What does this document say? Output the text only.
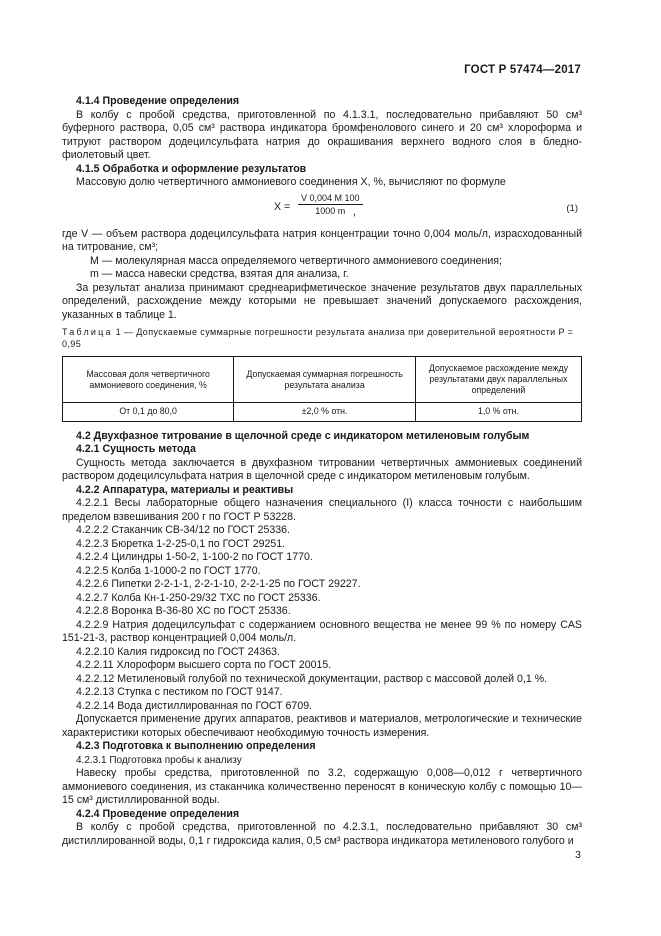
ГОСТ Р 57474—2017

4.1.4 Проведение определения

В колбу с пробой средства, приготовленной по 4.1.3.1, последовательно прибавляют 50 см³ буферного раствора, 0,05 см³ раствора индикатора бромфенолового синего и 20 см³ хлороформа и титруют раствором додецилсульфата натрия до окрашивания верхнего водного слоя в бледно-фиолетовый цвет.

4.1.5 Обработка и оформление результатов

Массовую долю четвертичного аммониевого соединения X, %, вычисляют по формуле

$X = \frac{V 0,004 M 100}{1000 m}$
,	(1)

где V — объем раствора додецилсульфата натрия концентрации точно 0,004 моль/л, израсходованный на титрование, см³;

M — молекулярная масса определяемого четвертичного аммониевого соединения;

m — масса навески средства, взятая для анализа, г.

За результат анализа принимают среднеарифметическое значение результатов двух параллельных определений, расхождение между которыми не превышает значений допускаемого расхождения, указанных в таблице 1.

Таблица 1 — Допускаемые суммарные погрешности результата анализа при доверительной вероятности P = 0,95

Массовая доля четвертичного аммониевого соединения, %	Допускаемая суммарная погрешность результата анализа	Допускаемое расхождение между результатами двух параллельных определений
От 0,1 до 80,0	±2,0 % отн.	1,0 % отн.

4.2 Двухфазное титрование в щелочной среде с индикатором метиленовым голубым

4.2.1 Сущность метода

Сущность метода заключается в двухфазном титровании четвертичных аммониевых соединений раствором додецилсульфата натрия в щелочной среде с индикатором метиленовым голубым.

4.2.2 Аппаратура, материалы и реактивы

4.2.2.1 Весы лабораторные общего назначения специального (I) класса точности с наибольшим пределом взвешивания 200 г по ГОСТ Р 53228.

4.2.2.2 Стаканчик СВ-34/12 по ГОСТ 25336.

4.2.2.3 Бюретка 1-2-25-0,1 по ГОСТ 29251.

4.2.2.4 Цилиндры 1-50-2, 1-100-2 по ГОСТ 1770.

4.2.2.5 Колба 1-1000-2 по ГОСТ 1770.

4.2.2.6 Пипетки 2-2-1-1, 2-2-1-10, 2-2-1-25 по ГОСТ 29227.

4.2.2.7 Колба Кн-1-250-29/32 ТХС по ГОСТ 25336.

4.2.2.8 Воронка В-36-80 ХС по ГОСТ 25336.

4.2.2.9 Натрия додецилсульфат с содержанием основного вещества не менее 99 % по номеру CAS 151-21-3, раствор концентрацией 0,004 моль/л.

4.2.2.10 Калия гидроксид по ГОСТ 24363.

4.2.2.11 Хлороформ высшего сорта по ГОСТ 20015.

4.2.2.12 Метиленовый голубой по технической документации, раствор с массовой долей 0,1 %.

4.2.2.13 Ступка с пестиком по ГОСТ 9147.

4.2.2.14 Вода дистиллированная по ГОСТ 6709.

Допускается применение других аппаратов, реактивов и материалов, метрологические и технические характеристики которых обеспечивают необходимую точность измерения.

4.2.3 Подготовка к выполнению определения

4.2.3.1 Подготовка пробы к анализу

Навеску пробы средства, приготовленной по 3.2, содержащую 0,008—0,012 г четвертичного аммониевого соединения, из стаканчика количественно переносят в коническую колбу с помощью 10—15 см³ дистиллированной воды.

4.2.4 Проведение определения

В колбу с пробой средства, приготовленной по 4.2.3.1, последовательно прибавляют 30 см³ дистиллированной воды, 0,1 г гидроксида калия, 0,5 см³ раствора индикатора метиленового голубого и

3
